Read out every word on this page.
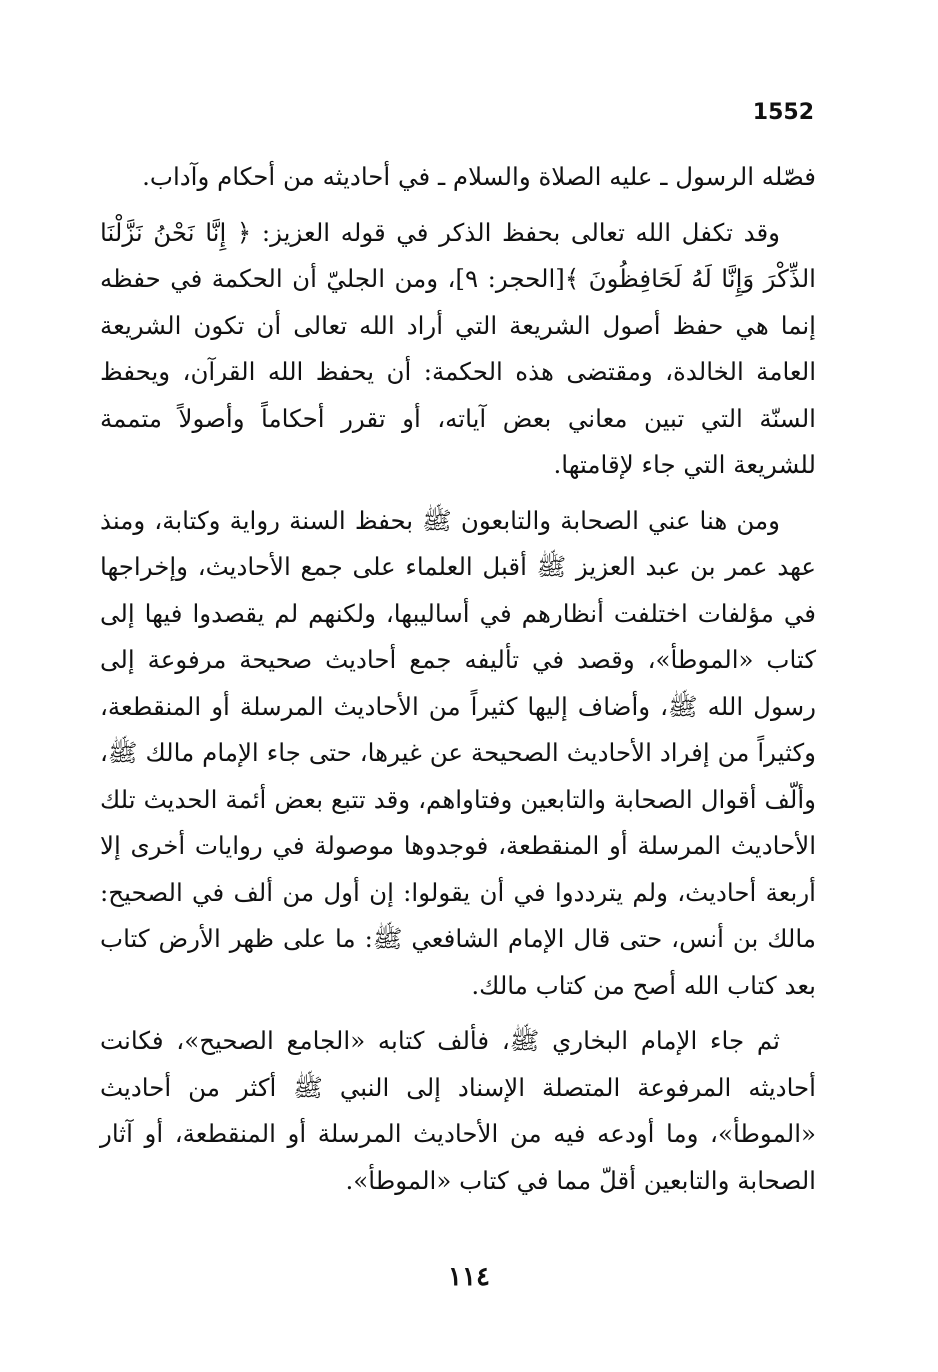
1552

فصّله الرسول ـ عليه الصلاة والسلام ـ في أحاديثه من أحكام وآداب.

وقد تكفل الله تعالى بحفظ الذكر في قوله العزيز: ﴿ إِنَّا نَحْنُ نَزَّلْنَا الذِّكْرَ وَإِنَّا لَهُ لَحَافِظُونَ ﴾[الحجر: ٩]، ومن الجليّ أن الحكمة في حفظه إنما هي حفظ أصول الشريعة التي أراد الله تعالى أن تكون الشريعة العامة الخالدة، ومقتضى هذه الحكمة: أن يحفظ الله القرآن، ويحفظ السنّة التي تبين معاني بعض آياته، أو تقرر أحكاماً وأصولاً متممة للشريعة التي جاء لإقامتها.

ومن هنا عني الصحابة والتابعون ﷺ بحفظ السنة رواية وكتابة، ومنذ عهد عمر بن عبد العزيز ﷺ أقبل العلماء على جمع الأحاديث، وإخراجها في مؤلفات اختلفت أنظارهم في أساليبها، ولكنهم لم يقصدوا فيها إلى كتاب «الموطأ»، وقصد في تأليفه جمع أحاديث صحيحة مرفوعة إلى رسول الله ﷺ، وأضاف إليها كثيراً من الأحاديث المرسلة أو المنقطعة، وكثيراً من إفراد الأحاديث الصحيحة عن غيرها، حتى جاء الإمام مالك ﷺ، وألّف أقوال الصحابة والتابعين وفتاواهم، وقد تتبع بعض أئمة الحديث تلك الأحاديث المرسلة أو المنقطعة، فوجدوها موصولة في روايات أخرى إلا أربعة أحاديث، ولم يترددوا في أن يقولوا: إن أول من ألف في الصحيح: مالك بن أنس، حتى قال الإمام الشافعي ﷺ: ما على ظهر الأرض كتاب بعد كتاب الله أصح من كتاب مالك.

ثم جاء الإمام البخاري ﷺ، فألف كتابه «الجامع الصحيح»، فكانت أحاديثه المرفوعة المتصلة الإسناد إلى النبي ﷺ أكثر من أحاديث «الموطأ»، وما أودعه فيه من الأحاديث المرسلة أو المنقطعة، أو آثار الصحابة والتابعين أقلّ مما في كتاب «الموطأ».

١١٤
